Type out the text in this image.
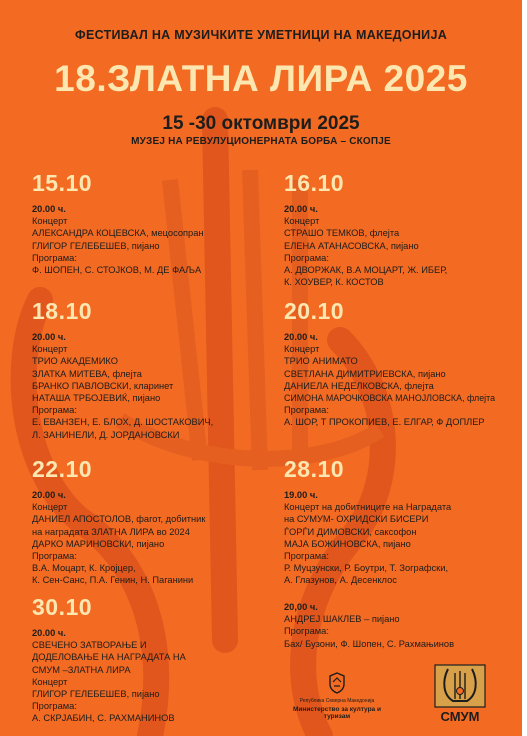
ФЕСТИВАЛ НА МУЗИЧКИТЕ УМЕТНИЦИ НА МАКЕДОНИЈА
18.ЗЛАТНА ЛИРА 2025
15 -30 октомври 2025
МУЗЕЈ НА РЕВУЛУЦИОНЕРНАТА БОРБА – СКОПЈЕ
15.10
20.00 ч.
Концерт
АЛЕКСАНДРА КОЦЕВСКА, мецосопран
ГЛИГОР ГЕЛЕБЕШЕВ, пијано
Програма:
Ф. ШОПЕН, С. СТОЈКОВ, М. ДЕ ФАЉА
16.10
20.00 ч.
Концерт
СТРАШО ТЕМКОВ, флејта
ЕЛЕНА АТАНАСОВСКА, пијано
Програма:
А. ДВОРЖАК, В.А МОЦАРТ, Ж. ИБЕР,
К. ХОУВЕР, К. КОСТОВ
18.10
20.00 ч.
Концерт
ТРИО АКАДЕМИКО
ЗЛАТКА МИТЕВА, флејта
БРАНКО ПАВЛОВСКИ, кларинет
НАТАША ТРБОЈЕВИЌ, пијано
Програма:
Е. ЕВАНЗЕН, Е. БЛОХ, Д. ШОСТАКОВИЧ,
Л. ЗАНИНЕЛИ, Д. ЈОРДАНОВСКИ
20.10
20.00 ч.
Концерт
ТРИО АНИМАТО
СВЕТЛАНА ДИМИТРИЕВСКА, пијано
ДАНИЕЛА НЕДЕЛКОВСКА, флејта
СИМОНА МАРОЧКОВСКА МАНОЈЛОВСКА, флејта
Програма:
А. ШОР, Т ПРОКОПИЕВ, Е. ЕЛГАР, Ф ДОПЛЕР
22.10
20.00 ч.
Концерт
ДАНИЕЛ АПОСТОЛОВ, фагот, добитник
на наградата ЗЛАТНА ЛИРА во 2024
ДАРКО МАРИНОВСКИ, пијано
Програма:
В.А. Моцарт, К. Кројцер,
К. Сен-Санс, П.А. Генин, Н. Паганини
28.10
19.00 ч.
Концерт на добитниците на Наградата
на СУМУМ- ОХРИДСКИ БИСЕРИ
ЃОРЃИ ДИМОВСКИ, саксофон
МАЈА БОЖИНОВСКА, пијано
Програма:
Р. Муцзунски, Р. Боутри, Т. Зографски,
А. Глазунов, А. Десенклос
30.10
20.00 ч.
СВЕЧЕНО ЗАТВОРАЊЕ И
ДОДЕЛОВАЊЕ НА НАГРАДАТА НА
СМУМ –ЗЛАТНА ЛИРА
Концерт
ГЛИГОР ГЕЛЕБЕШЕВ, пијано
Програма:
А. СКРЈАБИН, С. РАХМАНИНОВ
20,00 ч.
АНДРЕЈ ШАКЛЕВ – пијано
Програма:
Бах/ Бузони, Ф. Шопен, С. Рахмањинов
Република Северна Македонија
Министерство за култура и туризам	СМУМ
